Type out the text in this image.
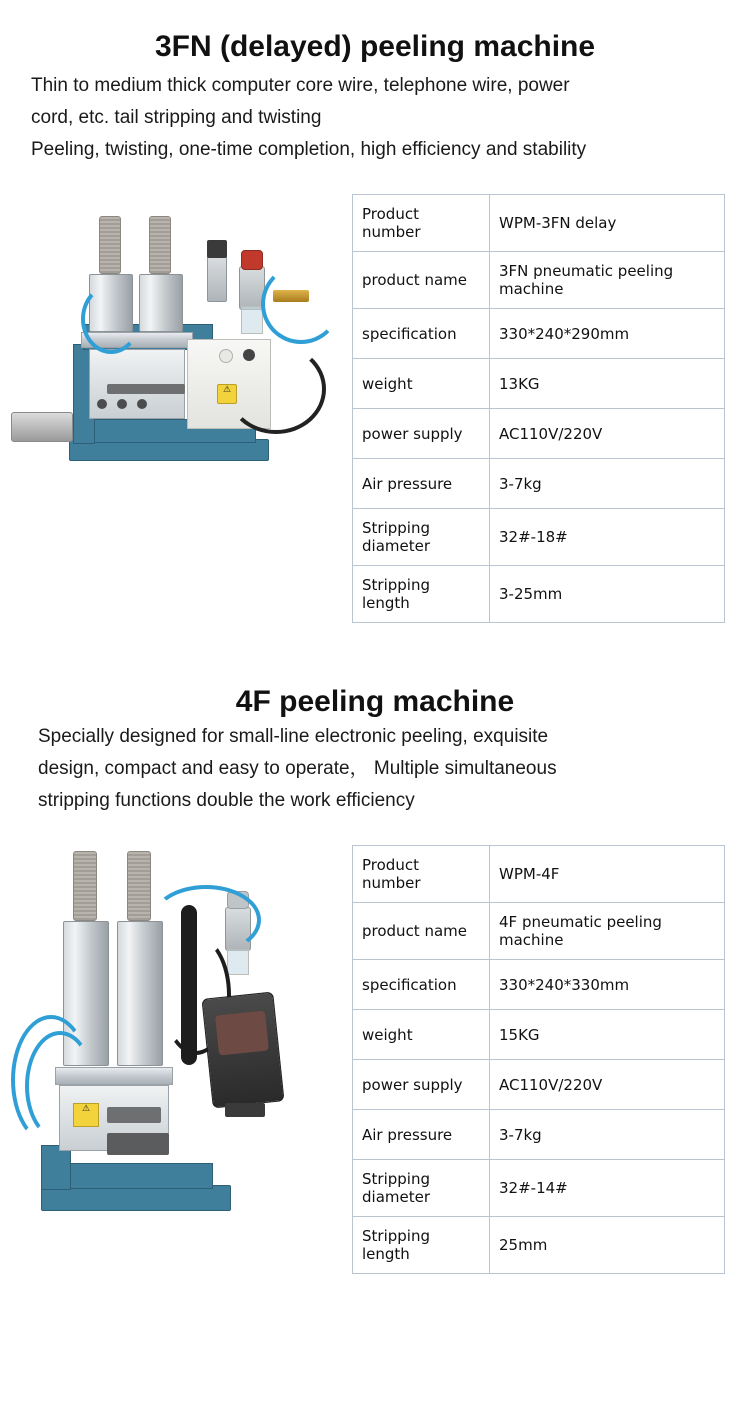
3FN (delayed) peeling machine

Thin to medium thick computer core wire, telephone wire, power

cord, etc. tail stripping and twisting

Peeling, twisting, one-time completion, high efficiency and stability

⚠
Product number	WPM-3FN delay
product name	3FN pneumatic peeling machine
specification	330*240*290mm
weight	13KG
power supply	AC110V/220V
Air pressure	3-7kg
Stripping diameter	32#-18#
Stripping length	3-25mm
4F peeling machine

Specially designed for small-line electronic peeling, exquisite

design, compact and easy to operate， Multiple simultaneous

stripping functions double the work efficiency

⚠
Product number	WPM-4F
product name	4F pneumatic peeling machine
specification	330*240*330mm
weight	15KG
power supply	AC110V/220V
Air pressure	3-7kg
Stripping diameter	32#-14#
Stripping length	25mm
